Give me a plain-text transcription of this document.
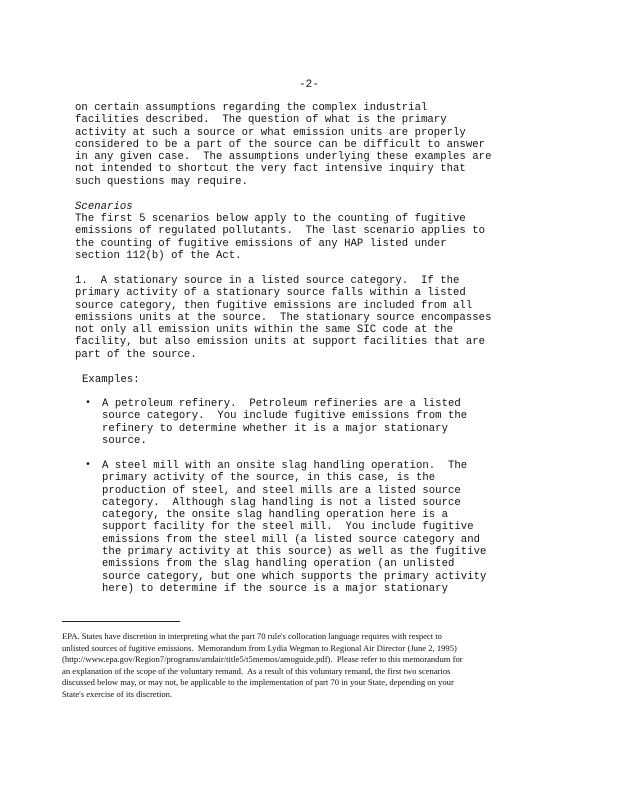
-2-

on certain assumptions regarding the complex industrial
facilities described.  The question of what is the primary
activity at such a source or what emission units are properly
considered to be a part of the source can be difficult to answer
in any given case.  The assumptions underlying these examples are
not intended to shortcut the very fact intensive inquiry that
such questions may require.

Scenarios

The first 5 scenarios below apply to the counting of fugitive
emissions of regulated pollutants.  The last scenario applies to
the counting of fugitive emissions of any HAP listed under
section 112(b) of the Act.

1.  A stationary source in a listed source category.  If the
primary activity of a stationary source falls within a listed
source category, then fugitive emissions are included from all
emissions units at the source.  The stationary source encompasses
not only all emission units within the same SIC code at the
facility, but also emission units at support facilities that are
part of the source.

Examples:

• A petroleum refinery.  Petroleum refineries are a listed
source category.  You include fugitive emissions from the
refinery to determine whether it is a major stationary
source.

• A steel mill with an onsite slag handling operation.  The
primary activity of the source, in this case, is the
production of steel, and steel mills are a listed source
category.  Although slag handling is not a listed source
category, the onsite slag handling operation here is a
support facility for the steel mill.  You include fugitive
emissions from the steel mill (a listed source category and
the primary activity at this source) as well as the fugitive
emissions from the slag handling operation (an unlisted
source category, but one which supports the primary activity
here) to determine if the source is a major stationary

EPA. States have discretion in interpreting what the part 70 rule's collocation language requires with respect to
unlisted sources of fugitive emissions.  Memorandum from Lydia Wegman to Regional Air Director (June 2, 1995)
(http://www.epa.gov/Region7/programs/artdair/title5/t5memos/amoguide.pdf).  Please refer to this memorandum for
an explanation of the scope of the voluntary remand.  As a result of this voluntary remand, the first two scenarios
discussed below may, or may not, be applicable to the implementation of part 70 in your State, depending on your
State's exercise of its discretion.
